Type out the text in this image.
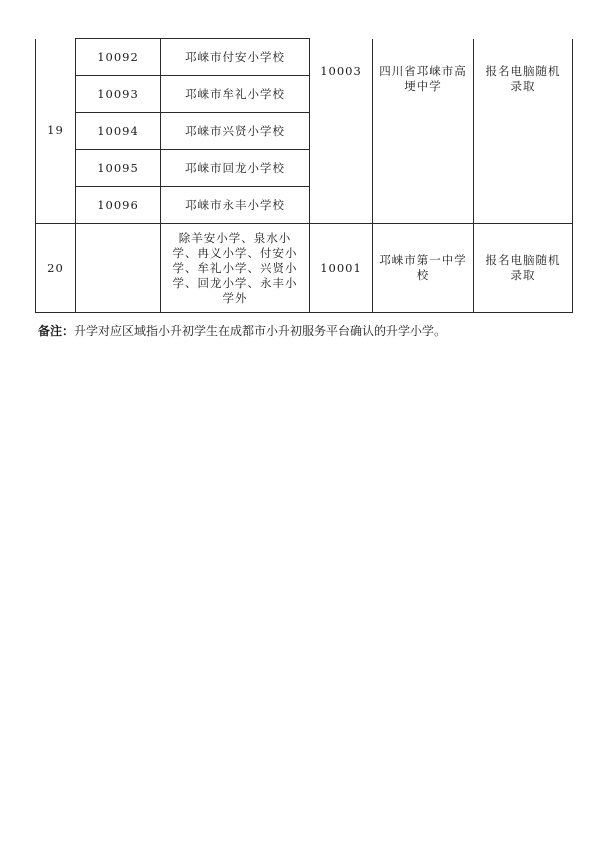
19	10092	邛崃市付安小学校	10003	四川省邛崃市高埂中学	报名电脑随机录取
	10093	邛崃市牟礼小学校			
	10094	邛崃市兴贤小学校			
	10095	邛崃市回龙小学校			
	10096	邛崃市永丰小学校			
20		除羊安小学、泉水小学、冉义小学、付安小学、牟礼小学、兴贤小学、回龙小学、永丰小学外	10001	邛崃市第一中学校	报名电脑随机录取
备注：升学对应区域指小升初学生在成都市小升初服务平台确认的升学小学。
